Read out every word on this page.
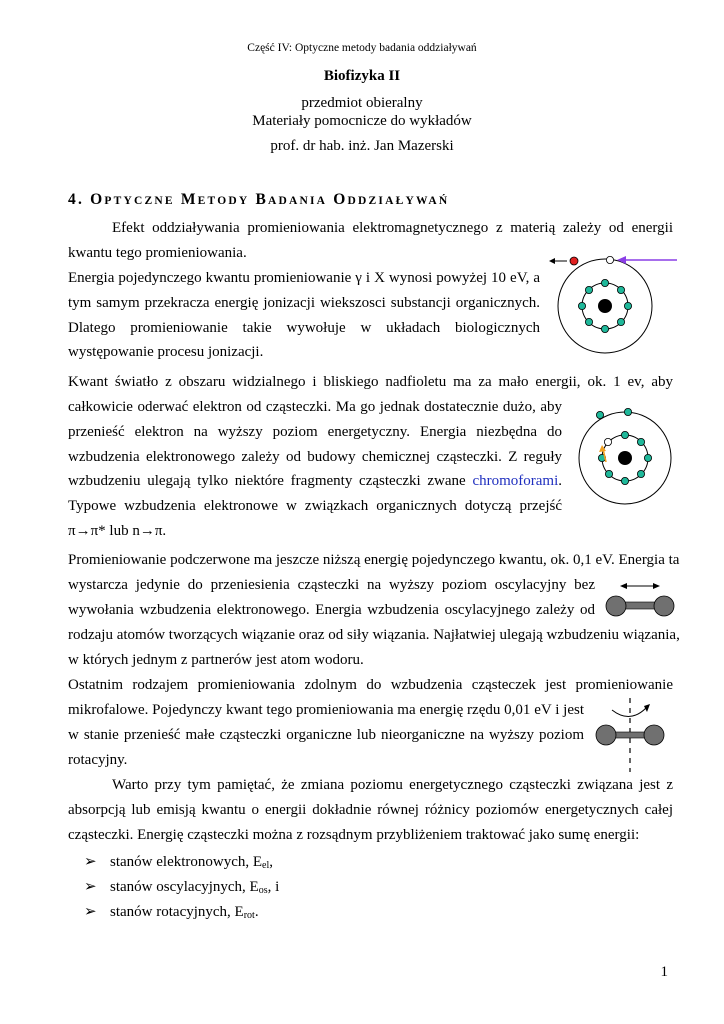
Część IV: Optyczne metody badania oddziaływań
Biofizyka II
przedmiot obieralny
Materiały pomocnicze do wykładów
prof. dr hab. inż. Jan Mazerski
4. OPTYCZNE METODY BADANIA ODDZIAŁYWAŃ
Efekt oddziaływania promieniowania elektromagnetycznego z materią zależy od energii
kwantu tego promieniowania.
Energia pojedynczego kwantu promieniowanie γ i X wynosi powyżej 10 eV, a
tym samym przekracza energię jonizacji wiekszosci substancji organicznych.
Dlatego promieniowanie takie wywołuje w układach biologicznych
występowanie procesu jonizacji.
Kwant światło z obszaru widzialnego i bliskiego nadfioletu ma za mało energii, ok. 1 ev, aby
całkowicie oderwać elektron od cząsteczki. Ma go jednak dostatecznie dużo, aby
przenieść elektron na wyższy poziom energetyczny. Energia niezbędna do
wzbudzenia elektronowego zależy od budowy chemicznej cząsteczki. Z reguły
wzbudzeniu ulegają tylko niektóre fragmenty cząsteczki zwane chromoforami.
Typowe wzbudzenia elektronowe w związkach organicznych dotyczą przejść
π→π* lub n→π.
Promieniowanie podczerwone ma jeszcze niższą energię pojedynczego kwantu, ok. 0,1 eV. Energia ta
wystarcza jedynie do przeniesienia cząsteczki na wyższy poziom oscylacyjny bez
wywołania wzbudzenia elektronowego. Energia wzbudzenia oscylacyjnego zależy od
rodzaju atomów tworzących wiązanie oraz od siły wiązania. Najłatwiej ulegają wzbudzeniu wiązania,
w których jednym z partnerów jest atom wodoru.
Ostatnim rodzajem promieniowania zdolnym do wzbudzenia cząsteczek jest promieniowanie
mikrofalowe. Pojedynczy kwant tego promieniowania ma energię rzędu 0,01 eV i jest
w stanie przenieść małe cząsteczki organiczne lub nieorganiczne na wyższy poziom
rotacyjny.
Warto przy tym pamiętać, że zmiana poziomu energetycznego cząsteczki związana jest z
absorpcją lub emisją kwantu o energii dokładnie równej różnicy poziomów energetycznych całej
cząsteczki. Energię cząsteczki można z rozsądnym przybliżeniem traktować jako sumę energii:
➢ stanów elektronowych, $E_{el}$,
➢ stanów oscylacyjnych, $E_{os}$, i
➢ stanów rotacyjnych, $E_{rot}$.
1
